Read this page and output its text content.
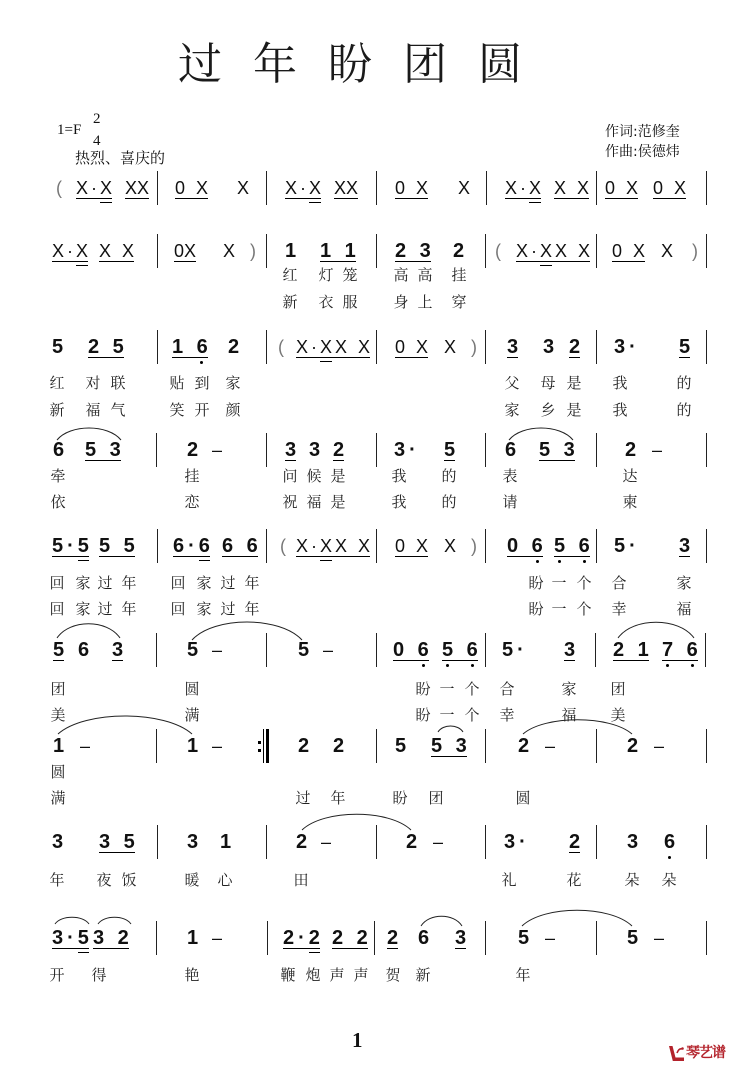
过年盼团圆
1=F
2
4
热烈、喜庆的
作词:范修奎
作曲:侯德炜
( X·X XX 0 X X X·X XX 0 X X X·X X X 0 X 0 X
X·X X X 0X X ) 1 1 1 2 3 2 ( X·XX X 0 X X )
红 灯 笼 高 高 挂
新 衣 服 身 上 穿
5 2 5 1 6 2 ( X·XX X 0 X X ) 3 3 2 3· 5
红 对 联	贴 到 家	父 母 是 我	的
新 福 气	笑 开 颜	家 乡 是 我	的
6 5 3	2 –	3 3 2 3· 5 6 5 3 2 –
牵	挂	问 候 是	我 的	表	达
依	恋	祝 福 是	我 的	请	柬
5·5 5 5 6·6 6 6 ( X·XX X 0 X X ) 0 6 5 6 5· 3
回 家 过 年 回 家 过 年	盼 一 个 合	家
回 家 过 年 回 家 过 年	盼 一 个 幸	福
5 6 3	5 –	5 –	0 6 5 6 5· 3 2 1 7 6
团	圆	盼 一 个 合	家 团
美	满	盼 一 个 幸	福 美
1 –	1 –	2 2 5 5 3 2 –	2 –
圆
满	过 年	盼 团	圆
3 3 5 3 1	2 –	2 –	3· 2 3 6
年 夜 饭	暖 心	田	礼	花	朵 朵
3·5 3 2	1 –	2·2 2 2 2 6 3 5 –	5 –
开 得	艳	鞭 炮 声 声 贺 新	年
1
琴艺谱
